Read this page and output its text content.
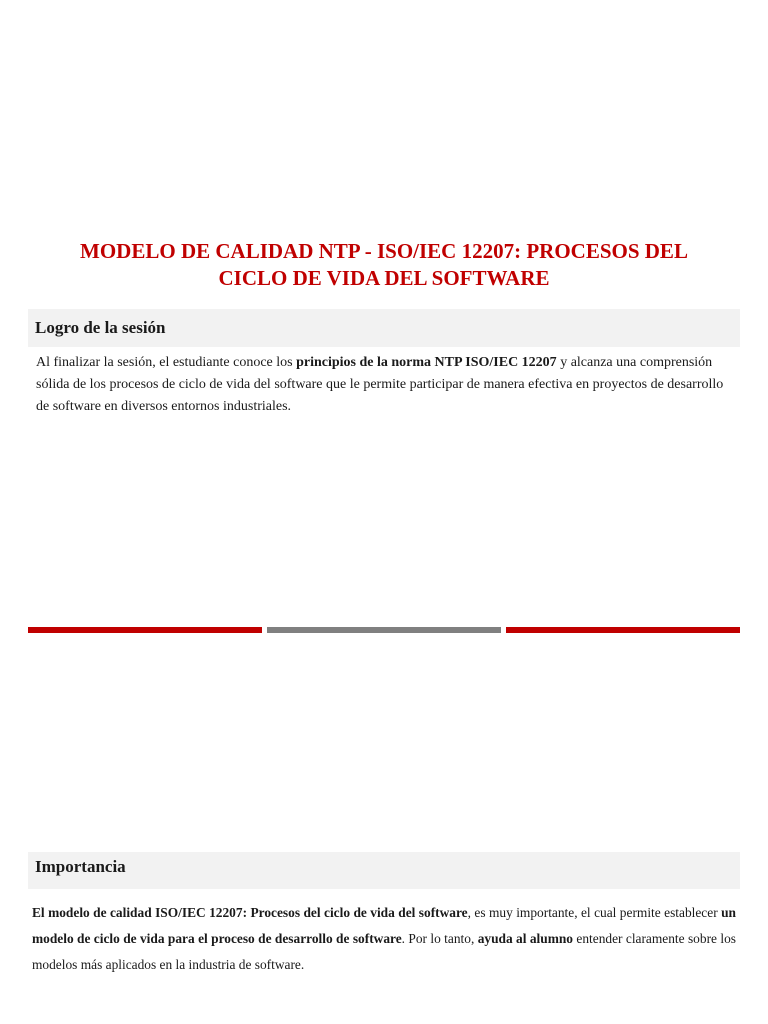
MODELO DE CALIDAD NTP - ISO/IEC 12207: PROCESOS DEL
CICLO DE VIDA DEL SOFTWARE
Logro de la sesión

Al finalizar la sesión, el estudiante conoce los principios de la norma NTP ISO/IEC 12207 y alcanza una comprensión sólida de los procesos de ciclo de vida del software que le permite participar de manera efectiva en proyectos de desarrollo de software en diversos entornos industriales.

Importancia

El modelo de calidad ISO/IEC 12207: Procesos del ciclo de vida del software, es muy importante, el cual permite establecer un modelo de ciclo de vida para el proceso de desarrollo de software. Por lo tanto, ayuda al alumno entender claramente sobre los modelos más aplicados en la industria de software.
